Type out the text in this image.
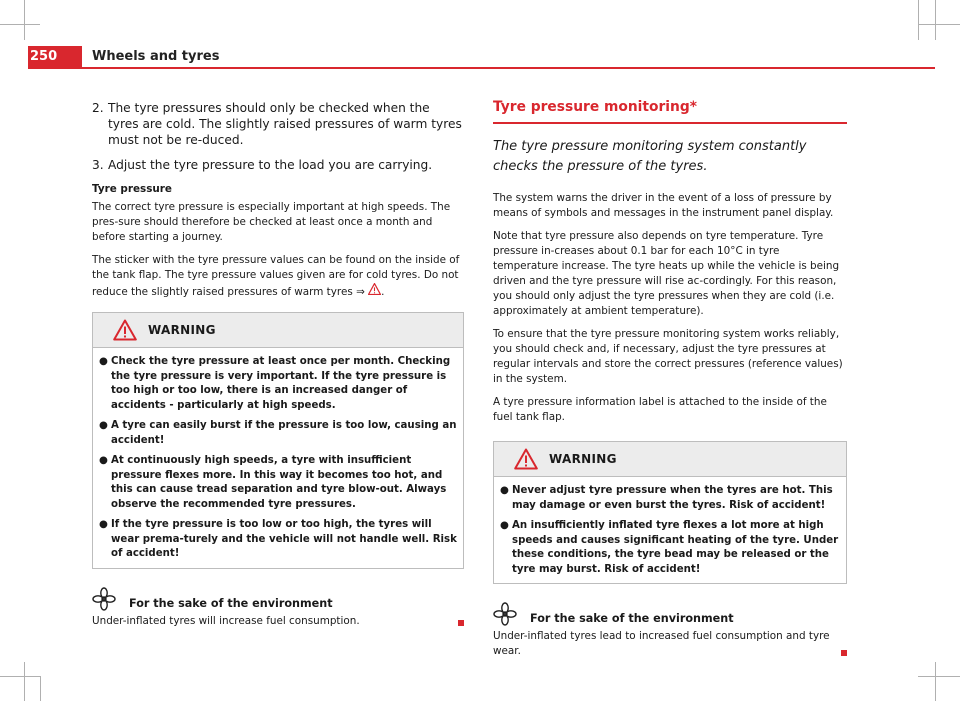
250	Wheels and tyres
2. The tyre pressures should only be checked when the tyres are cold. The slightly raised pressures of warm tyres must not be re-duced.
3. Adjust the tyre pressure to the load you are carrying.
Tyre pressure

The correct tyre pressure is especially important at high speeds. The pres-sure should therefore be checked at least once a month and before starting a journey.

The sticker with the tyre pressure values can be found on the inside of the tank flap. The tyre pressure values given are for cold tyres. Do not reduce the slightly raised pressures of warm tyres ⇒ .

WARNING
● Check the tyre pressure at least once per month. Checking the tyre pressure is very important. If the tyre pressure is too high or too low, there is an increased danger of accidents - particularly at high speeds.
● A tyre can easily burst if the pressure is too low, causing an accident!
● At continuously high speeds, a tyre with insufficient pressure flexes more. In this way it becomes too hot, and this can cause tread separation and tyre blow-out. Always observe the recommended tyre pressures.
● If the tyre pressure is too low or too high, the tyres will wear prema-turely and the vehicle will not handle well. Risk of accident!
For the sake of the environment
Under-inflated tyres will increase fuel consumption.
Tyre pressure monitoring*
The tyre pressure monitoring system constantly checks the pressure of the tyres.

The system warns the driver in the event of a loss of pressure by means of symbols and messages in the instrument panel display.

Note that tyre pressure also depends on tyre temperature. Tyre pressure in-creases about 0.1 bar for each 10°C in tyre temperature increase. The tyre heats up while the vehicle is being driven and the tyre pressure will rise ac-cordingly. For this reason, you should only adjust the tyre pressures when they are cold (i.e. approximately at ambient temperature).

To ensure that the tyre pressure monitoring system works reliably, you should check and, if necessary, adjust the tyre pressures at regular intervals and store the correct pressures (reference values) in the system.

A tyre pressure information label is attached to the inside of the fuel tank flap.

WARNING
● Never adjust tyre pressure when the tyres are hot. This may damage or even burst the tyres. Risk of accident!
● An insufficiently inflated tyre flexes a lot more at high speeds and causes significant heating of the tyre. Under these conditions, the tyre bead may be released or the tyre may burst. Risk of accident!
For the sake of the environment
Under-inflated tyres lead to increased fuel consumption and tyre wear.
